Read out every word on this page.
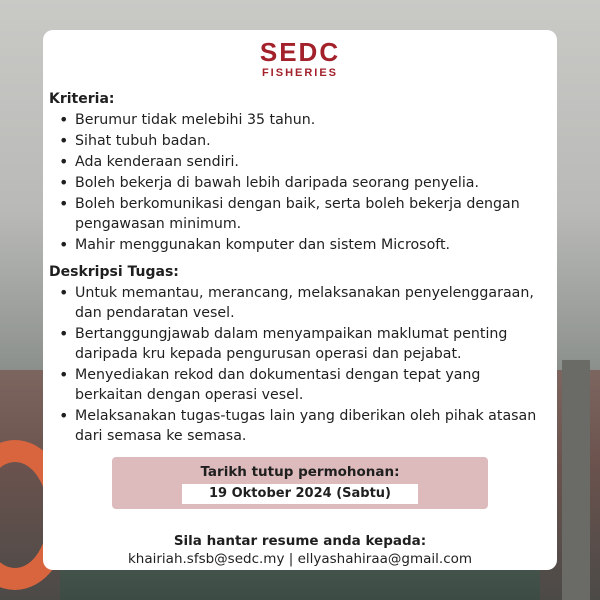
SEDC
FISHERIES
Kriteria:
• Berumur tidak melebihi 35 tahun.
• Sihat tubuh badan.
• Ada kenderaan sendiri.
• Boleh bekerja di bawah lebih daripada seorang penyelia.
• Boleh berkomunikasi dengan baik, serta boleh bekerja dengan pengawasan minimum.
• Mahir menggunakan komputer dan sistem Microsoft.
Deskripsi Tugas:
• Untuk memantau, merancang, melaksanakan penyelenggaraan, dan pendaratan vesel.
• Bertanggungjawab dalam menyampaikan maklumat penting daripada kru kepada pengurusan operasi dan pejabat.
• Menyediakan rekod dan dokumentasi dengan tepat yang berkaitan dengan operasi vesel.
• Melaksanakan tugas-tugas lain yang diberikan oleh pihak atasan dari semasa ke semasa.
Tarikh tutup permohonan:
19 Oktober 2024 (Sabtu)
Sila hantar resume anda kepada:
khairiah.sfsb@sedc.my | ellyashahiraa@gmail.com
